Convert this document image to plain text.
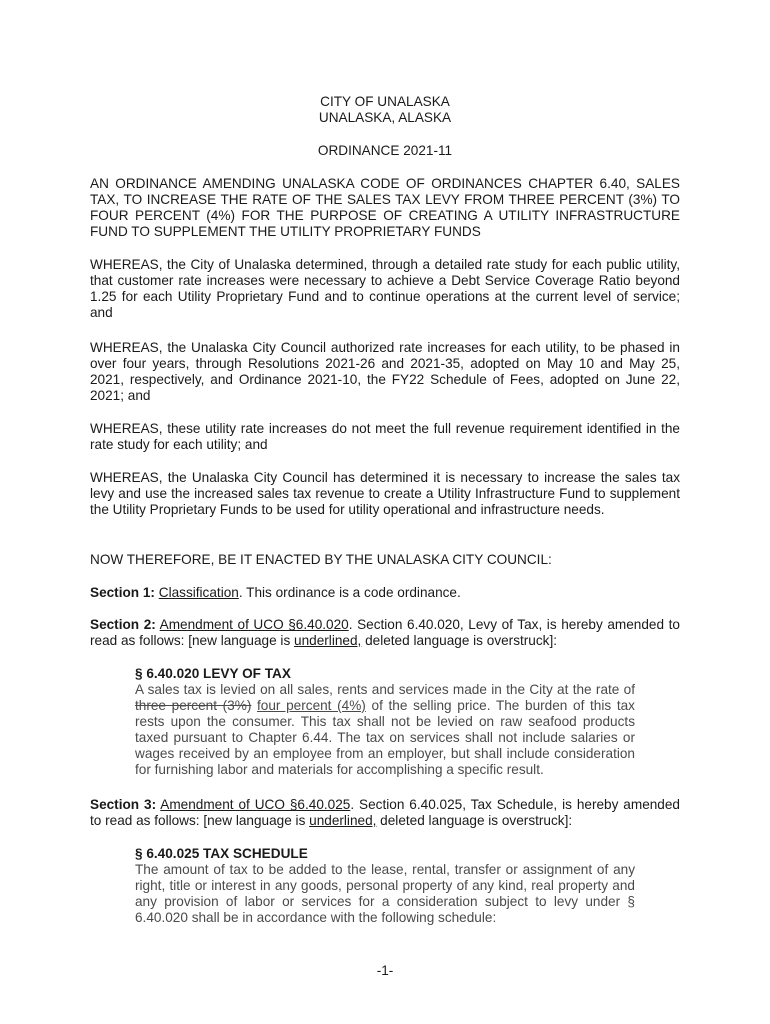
CITY OF UNALASKA

UNALASKA, ALASKA

ORDINANCE 2021-11

AN ORDINANCE AMENDING UNALASKA CODE OF ORDINANCES CHAPTER 6.40, SALES TAX, TO INCREASE THE RATE OF THE SALES TAX LEVY FROM THREE PERCENT (3%) TO FOUR PERCENT (4%) FOR THE PURPOSE OF CREATING A UTILITY INFRASTRUCTURE FUND TO SUPPLEMENT THE UTILITY PROPRIETARY FUNDS

WHEREAS, the City of Unalaska determined, through a detailed rate study for each public utility, that customer rate increases were necessary to achieve a Debt Service Coverage Ratio beyond 1.25 for each Utility Proprietary Fund and to continue operations at the current level of service; and

WHEREAS, the Unalaska City Council authorized rate increases for each utility, to be phased in over four years, through Resolutions 2021-26 and 2021-35, adopted on May 10 and May 25, 2021, respectively, and Ordinance 2021-10, the FY22 Schedule of Fees, adopted on June 22, 2021; and

WHEREAS, these utility rate increases do not meet the full revenue requirement identified in the rate study for each utility; and

WHEREAS, the Unalaska City Council has determined it is necessary to increase the sales tax levy and use the increased sales tax revenue to create a Utility Infrastructure Fund to supplement the Utility Proprietary Funds to be used for utility operational and infrastructure needs.

NOW THEREFORE, BE IT ENACTED BY THE UNALASKA CITY COUNCIL:

Section 1: Classification. This ordinance is a code ordinance.

Section 2: Amendment of UCO §6.40.020. Section 6.40.020, Levy of Tax, is hereby amended to read as follows: [new language is underlined, deleted language is overstruck]:

§ 6.40.020 LEVY OF TAX

A sales tax is levied on all sales, rents and services made in the City at the rate of three percent (3%) four percent (4%) of the selling price. The burden of this tax rests upon the consumer. This tax shall not be levied on raw seafood products taxed pursuant to Chapter 6.44. The tax on services shall not include salaries or wages received by an employee from an employer, but shall include consideration for furnishing labor and materials for accomplishing a specific result.

Section 3: Amendment of UCO §6.40.025. Section 6.40.025, Tax Schedule, is hereby amended to read as follows: [new language is underlined, deleted language is overstruck]:

§ 6.40.025 TAX SCHEDULE

The amount of tax to be added to the lease, rental, transfer or assignment of any right, title or interest in any goods, personal property of any kind, real property and any provision of labor or services for a consideration subject to levy under § 6.40.020 shall be in accordance with the following schedule:

-1-
